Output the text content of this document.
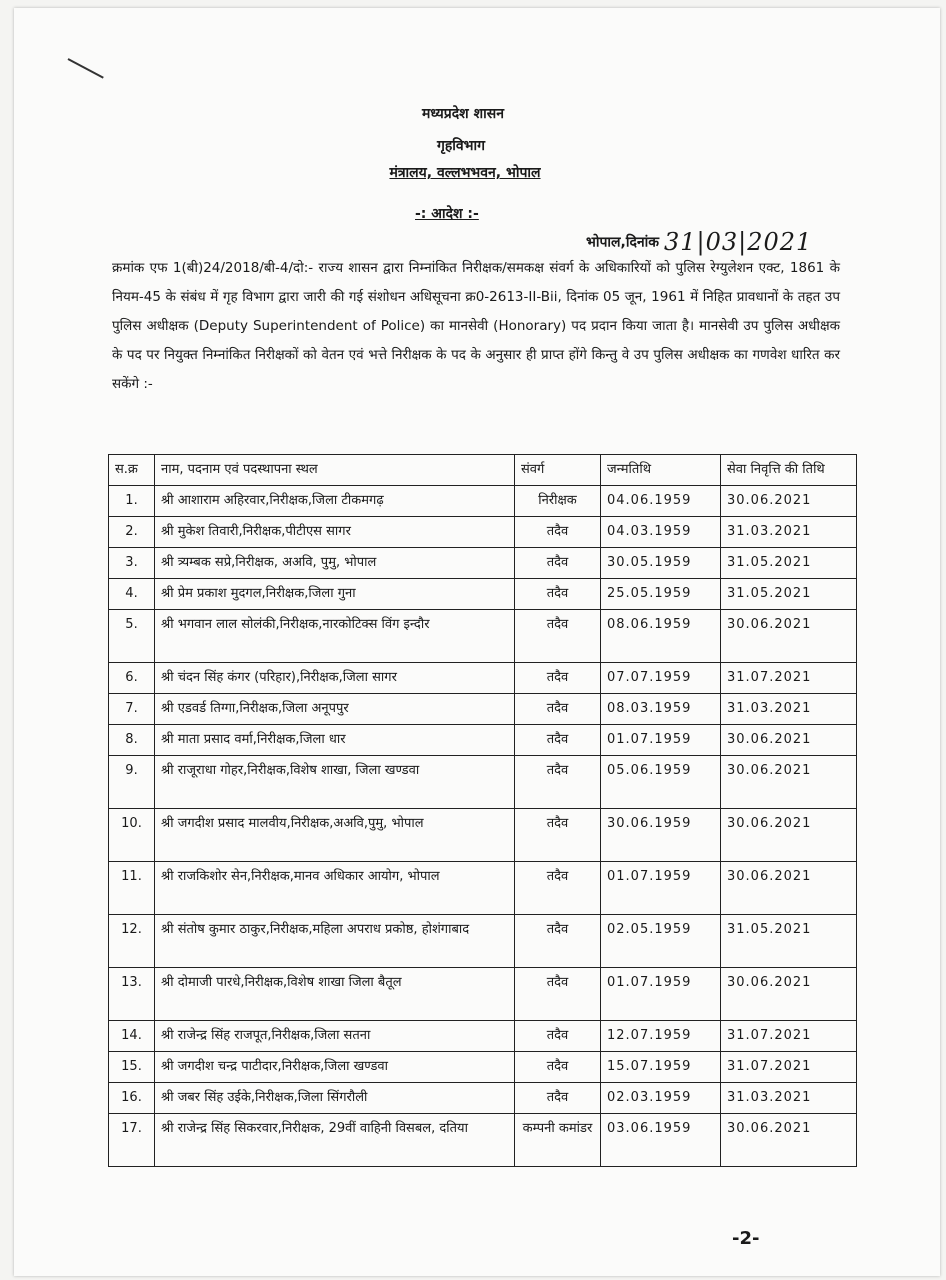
मध्यप्रदेश शासन
गृहविभाग
मंत्रालय, वल्लभभवन, भोपाल
-: आदेश :-
भोपाल,दिनांक 31|03|2021
क्रमांक एफ 1(बी)24/2018/बी-4/दो:- राज्य शासन द्वारा निम्नांकित निरीक्षक/समकक्ष संवर्ग के अधिकारियों को पुलिस रेग्युलेशन एक्ट, 1861 के नियम-45 के संबंध में गृह विभाग द्वारा जारी की गई संशोधन अधिसूचना क्र0-2613-II-Bii, दिनांक 05 जून, 1961 में निहित प्रावधानों के तहत उप पुलिस अधीक्षक (Deputy Superintendent of Police) का मानसेवी (Honorary) पद प्रदान किया जाता है। मानसेवी उप पुलिस अधीक्षक के पद पर नियुक्त निम्नांकित निरीक्षकों को वेतन एवं भत्ते निरीक्षक के पद के अनुसार ही प्राप्त होंगे किन्तु वे उप पुलिस अधीक्षक का गणवेश धारित कर सकेंगे :-
स.क्र	नाम, पदनाम एवं पदस्थापना स्थल	संवर्ग	जन्मतिथि	सेवा निवृत्ति की तिथि
1.	श्री आशाराम अहिरवार,निरीक्षक,जिला टीकमगढ़	निरीक्षक	04.06.1959	30.06.2021
2.	श्री मुकेश तिवारी,निरीक्षक,पीटीएस सागर	तदैव	04.03.1959	31.03.2021
3.	श्री त्र्यम्बक सप्रे,निरीक्षक, अअवि, पुमु, भोपाल	तदैव	30.05.1959	31.05.2021
4.	श्री प्रेम प्रकाश मुदगल,निरीक्षक,जिला गुना	तदैव	25.05.1959	31.05.2021
5.	श्री भगवान लाल सोलंकी,निरीक्षक,नारकोटिक्स विंग इन्दौर	तदैव	08.06.1959	30.06.2021
6.	श्री चंदन सिंह कंगर (परिहार),निरीक्षक,जिला सागर	तदैव	07.07.1959	31.07.2021
7.	श्री एडवर्ड तिग्गा,निरीक्षक,जिला अनूपपुर	तदैव	08.03.1959	31.03.2021
8.	श्री माता प्रसाद वर्मा,निरीक्षक,जिला धार	तदैव	01.07.1959	30.06.2021
9.	श्री राजूराधा गोहर,निरीक्षक,विशेष शाखा, जिला खण्डवा	तदैव	05.06.1959	30.06.2021
10.	श्री जगदीश प्रसाद मालवीय,निरीक्षक,अअवि,पुमु, भोपाल	तदैव	30.06.1959	30.06.2021
11.	श्री राजकिशोर सेन,निरीक्षक,मानव अधिकार आयोग, भोपाल	तदैव	01.07.1959	30.06.2021
12.	श्री संतोष कुमार ठाकुर,निरीक्षक,महिला अपराध प्रकोष्ठ, होशंगाबाद	तदैव	02.05.1959	31.05.2021
13.	श्री दोमाजी पारधे,निरीक्षक,विशेष शाखा जिला बैतूल	तदैव	01.07.1959	30.06.2021
14.	श्री राजेन्द्र सिंह राजपूत,निरीक्षक,जिला सतना	तदैव	12.07.1959	31.07.2021
15.	श्री जगदीश चन्द्र पाटीदार,निरीक्षक,जिला खण्डवा	तदैव	15.07.1959	31.07.2021
16.	श्री जबर सिंह उईके,निरीक्षक,जिला सिंगरौली	तदैव	02.03.1959	31.03.2021
17.	श्री राजेन्द्र सिंह सिकरवार,निरीक्षक, 29वीं वाहिनी विसबल, दतिया	कम्पनी कमांडर	03.06.1959	30.06.2021
-2-
